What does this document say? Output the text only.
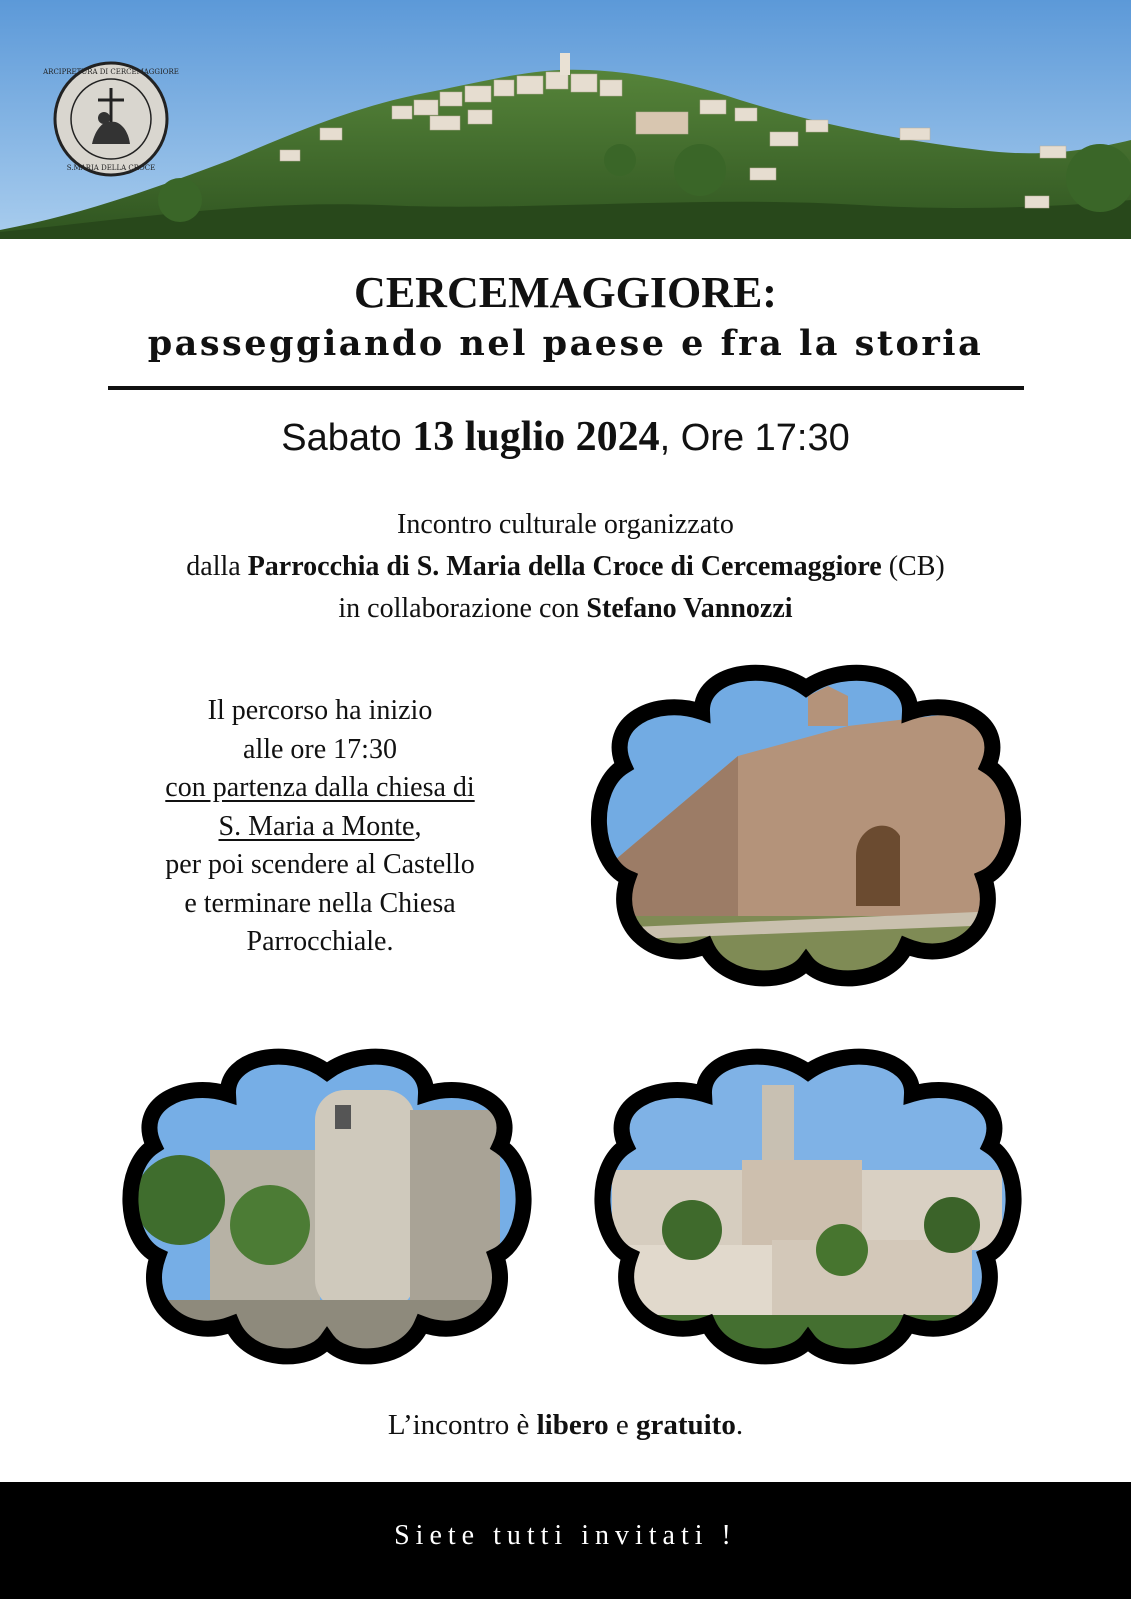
ARCIPRETURA DI CERCEMAGGIORE
S.MARIA DELLA CROCE
CERCEMAGGIORE:
passeggiando nel paese e fra la storia
Sabato 13 luglio 2024, Ore 17:30
Incontro culturale organizzato
dalla Parrocchia di S. Maria della Croce di Cercemaggiore (CB)
in collaborazione con Stefano Vannozzi
Il percorso ha inizio
alle ore 17:30
con partenza dalla chiesa di
S. Maria a Monte,
per poi scendere al Castello
e terminare nella Chiesa
Parrocchiale.
L’incontro è libero e gratuito.
Siete tutti invitati !
